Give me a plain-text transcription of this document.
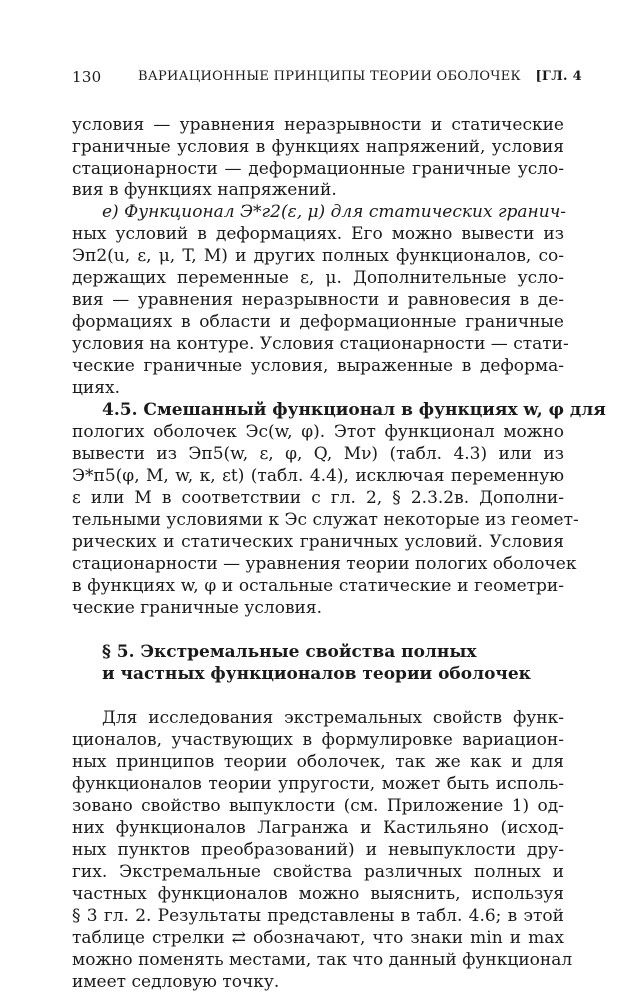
130	ВАРИАЦИОННЫЕ ПРИНЦИПЫ ТЕОРИИ ОБОЛОЧЕК [ГЛ. 4
условия — уравнения неразрывности и статические
граничные условия в функциях напряжений, условия
стационарности — деформационные граничные усло-
вия в функциях напряжений.
е) Функционал Э*г2(ε, μ) для статических гранич-
ных условий в деформациях. Его можно вывести из
Эп2(u, ε, μ, T, M) и других полных функционалов, со-
держащих переменные ε, μ. Дополнительные усло-
вия — уравнения неразрывности и равновесия в де-
формациях в области и деформационные граничные
условия на контуре. Условия стационарности — стати-
ческие граничные условия, выраженные в деформа-
циях.
4.5. Смешанный функционал в функциях w, φ для
пологих оболочек Эс(w, φ). Этот функционал можно
вывести из Эп5(w, ε, φ, Q, Mν) (табл. 4.3) или из
Э*п5(φ, M, w, κ, εt) (табл. 4.4), исключая переменную
ε или M в соответствии с гл. 2, § 2.3.2в. Дополни-
тельными условиями к Эс служат некоторые из геомет-
рических и статических граничных условий. Условия
стационарности — уравнения теории пологих оболочек
в функциях w, φ и остальные статические и геометри-
ческие граничные условия.
§ 5. Экстремальные свойства полных
и частных функционалов теории оболочек
Для исследования экстремальных свойств функ-
ционалов, участвующих в формулировке вариацион-
ных принципов теории оболочек, так же как и для
функционалов теории упругости, может быть исполь-
зовано свойство выпуклости (см. Приложение 1) од-
них функционалов Лагранжа и Кастильяно (исход-
ных пунктов преобразований) и невыпуклости дру-
гих. Экстремальные свойства различных полных и
частных функционалов можно выяснить, используя
§ 3 гл. 2. Результаты представлены в табл. 4.6; в этой
таблице стрелки ⇄ обозначают, что знаки min и max
можно поменять местами, так что данный функционал
имеет седловую точку.
